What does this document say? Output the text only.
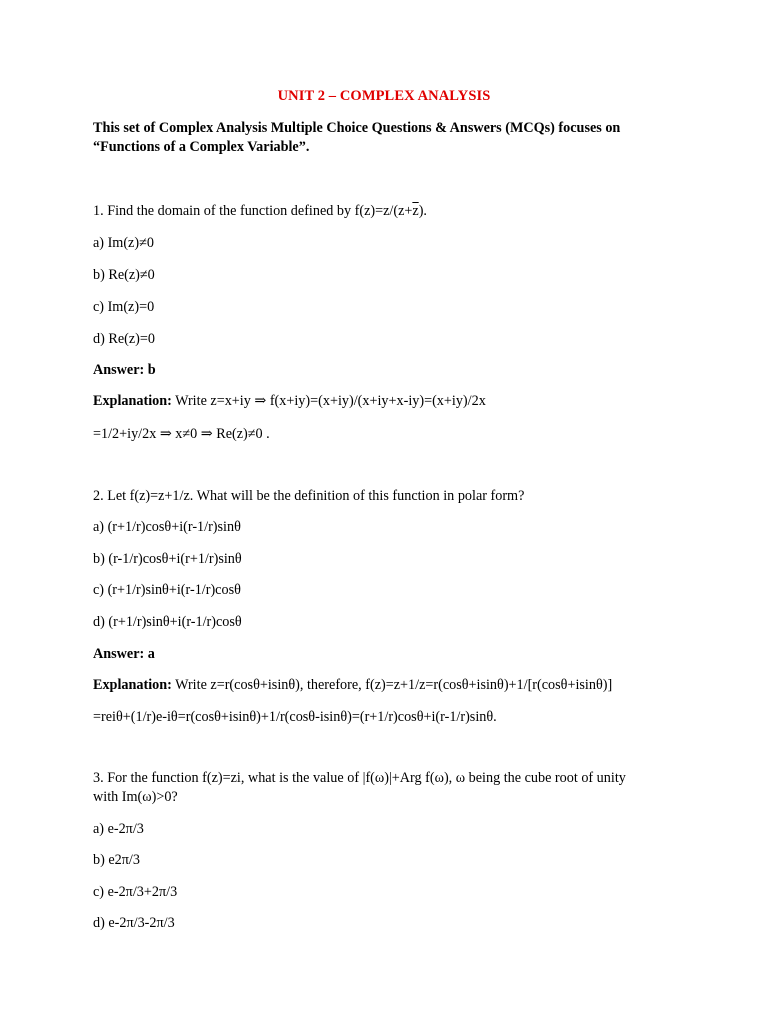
UNIT 2 – COMPLEX ANALYSIS
This set of Complex Analysis Multiple Choice Questions & Answers (MCQs) focuses on
“Functions of a Complex Variable”.
1. Find the domain of the function defined by $f(z)=z/(z+\overline{z})$.
a) Im(z)≠0
b) Re(z)≠0
c) Im(z)=0
d) Re(z)=0
Answer: b
Explanation: Write z=x+iy ⇒ f(x+iy)=(x+iy)/(x+iy+x-iy)=(x+iy)/2x
=1/2+iy/2x ⇒ x≠0 ⇒ Re(z)≠0 .
2. Let f(z)=z+1/z. What will be the definition of this function in polar form?
a) (r+1/r)cosθ+i(r-1/r)sinθ
b) (r-1/r)cosθ+i(r+1/r)sinθ
c) (r+1/r)sinθ+i(r-1/r)cosθ
d) (r+1/r)sinθ+i(r-1/r)cosθ
Answer: a
Explanation: Write z=r(cosθ+isinθ), therefore, f(z)=z+1/z=r(cosθ+isinθ)+1/[r(cosθ+isinθ)]
=reiθ+(1/r)e-iθ=r(cosθ+isinθ)+1/r(cosθ-isinθ)=(r+1/r)cosθ+i(r-1/r)sinθ.
3. For the function f(z)=zi, what is the value of |f(ω)|+Arg f(ω), ω being the cube root of unity
with Im(ω)>0?
a) e-2π/3
b) e2π/3
c) e-2π/3+2π/3
d) e-2π/3-2π/3
